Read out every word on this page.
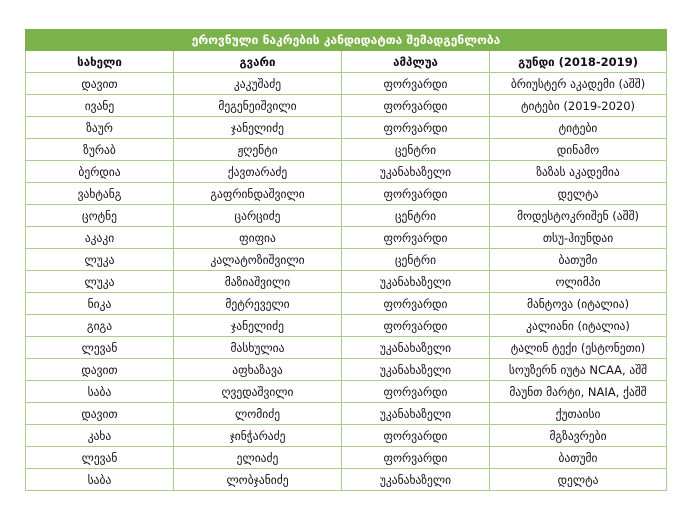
ეროვნული ნაკრების კანდიდატთა შემადგენლობა			
სახელი	გვარი	ამპლუა	გუნდი (2018-2019)
დავით	კაკუშაძე	ფორვარდი	ბრიუსტერ აკადემი (აშშ)
ივანე	მეგენეიშვილი	ფორვარდი	ტიტები (2019-2020)
ზაურ	ჯანელიძე	ფორვარდი	ტიტები
ზურაბ	ჟღენტი	ცენტრი	დინამო
ბერდია	ქავთარაძე	უკანახაზელი	ზაზას აკადემია
ვახტანგ	გაფრინდაშვილი	ფორვარდი	დელტა
ცოტნე	ცარციძე	ცენტრი	მოდესტოკრიშენ (აშშ)
აკაკი	ფიფია	ფორვარდი	თსუ-ჰიუნდაი
ლუკა	კალატოზიშვილი	ცენტრი	ბათუმი
ლუკა	მაზიაშვილი	უკანახაზელი	ოლიმპი
ნიკა	მეტრეველი	ფორვარდი	მანტოვა (იტალია)
გიგა	ჯანელიძე	ფორვარდი	კალიანი (იტალია)
ლევან	მასხულია	უკანახაზელი	ტალინ ტექი (ესტონეთი)
დავით	აფხაზავა	უკანახაზელი	სოუზერნ იუტა NCAA, აშშ
საბა	ღვედაშვილი	ფორვარდი	მაუნთ მარტი, NAIA, ქაშშ
დავით	ლომიძე	უკანახაზელი	ქუთაისი
კახა	ჯინჭარაძე	ფორვარდი	მგზავრები
ლევან	ელიაძე	ფორვარდი	ბათუმი
საბა	ლობჯანიძე	უკანახაზელი	დელტა
